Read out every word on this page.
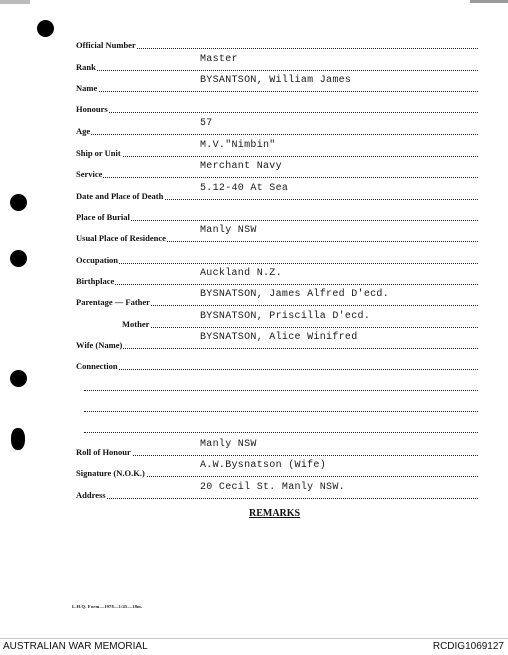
Official Number
Rank
Master
Name
BYSANTSON, William James
Honours
Age
57
Ship or Unit
M.V."Nimbin"
Service
Merchant Navy
Date and Place of Death
5.12-40 At Sea
Place of Burial
Usual Place of Residence
Manly NSW
Occupation
Birthplace
Auckland N.Z.
Parentage — Father
BYSNATSON, James Alfred D'ecd.
Mother
BYSNATSON, Priscilla D'ecd.
Wife (Name)
BYSNATSON, Alice Winifred
Connection
Roll of Honour
Manly NSW
Signature (N.O.K.)
A.W.Bysnatson (Wife)
Address
20 Cecil St. Manly NSW.
REMARKS
L.H.Q. Form—1978—1/45—18m.
AUSTRALIAN WAR MEMORIAL	RCDIG1069127
